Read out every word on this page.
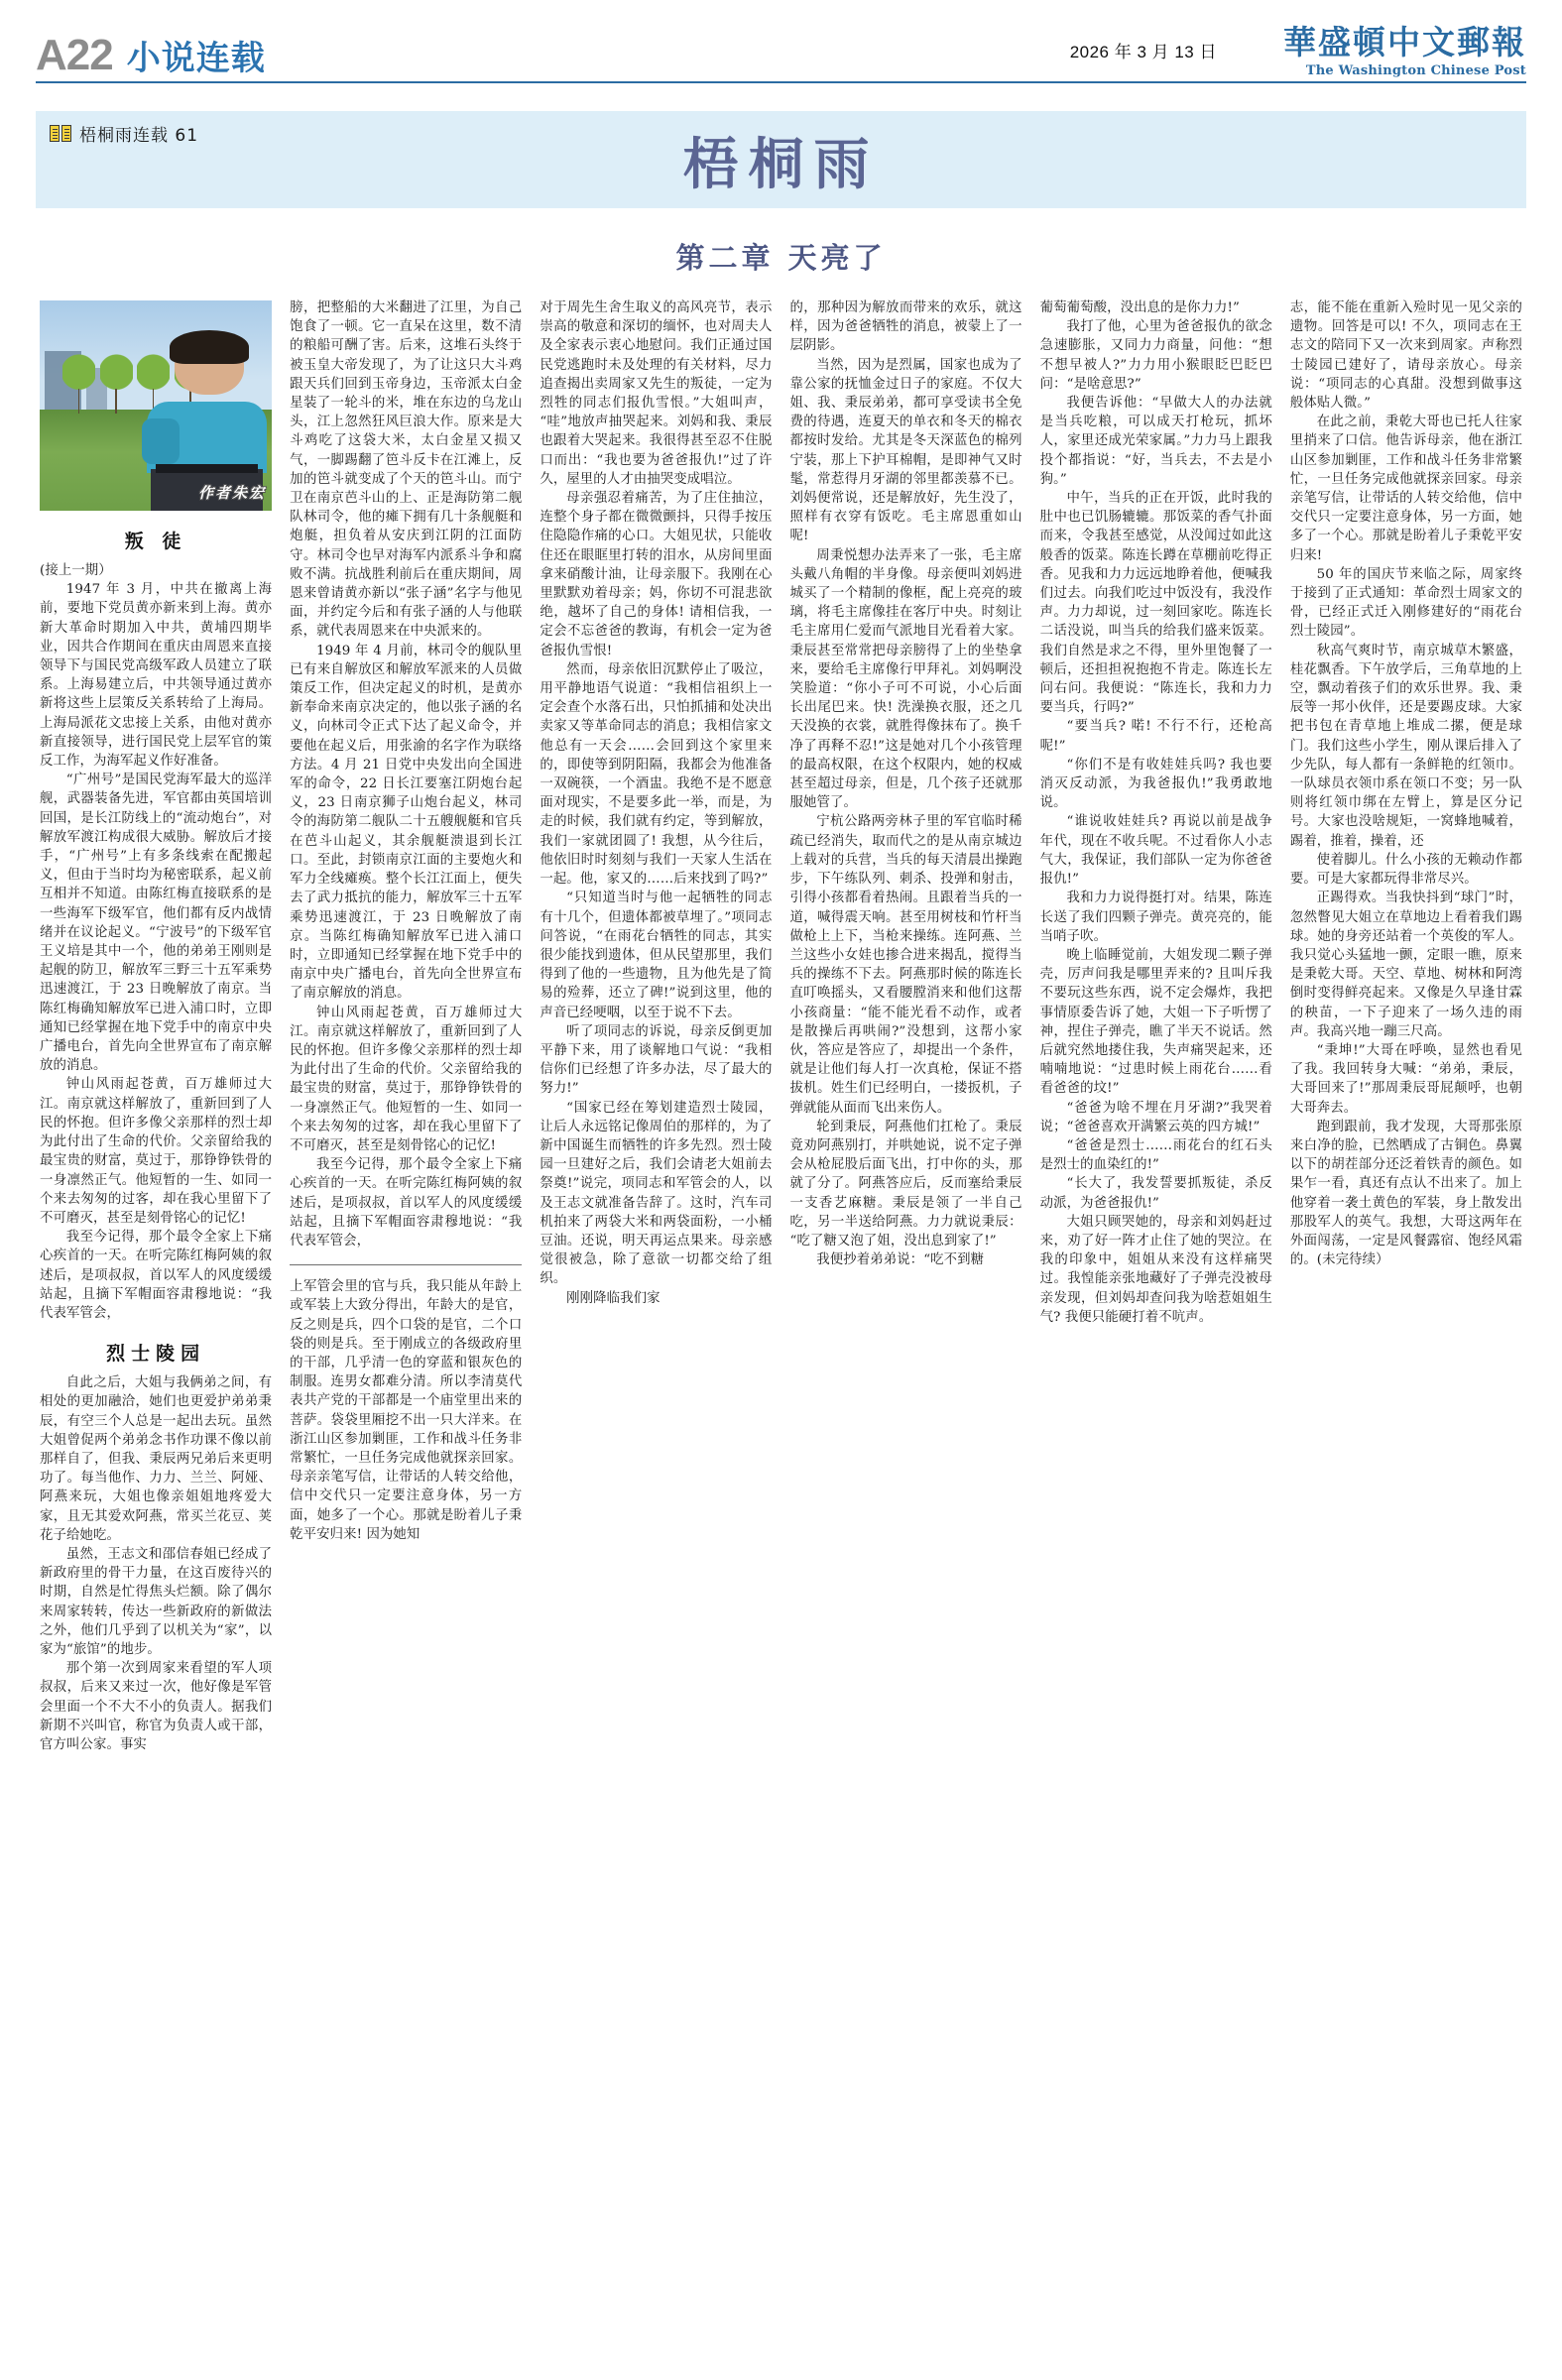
A22 小说连载	2026 年 3 月 13 日	華盛頓中文郵報
The Washington Chinese Post
梧桐雨连载 61	梧桐雨
第二章 天亮了
作者朱宏
叛 徒

(接上一期）

1947 年 3 月，中共在撤离上海前，要地下党员黄亦新来到上海。黄亦新大革命时期加入中共，黄埔四期毕业，因共合作期间在重庆由周恩来直接领导下与国民党高级军政人员建立了联系。上海易建立后，中共领导通过黄亦新将这些上层策反关系转给了上海局。上海局派花文忠接上关系，由他对黄亦新直接领导，进行国民党上层军官的策反工作，为海军起义作好准备。

“广州号”是国民党海军最大的巡洋舰，武器装备先进，军官都由英国培训回国，是长江防线上的“流动炮台”，对解放军渡江构成很大威胁。解放后才接手，“广州号”上有多条线索在配搬起义，但由于当时均为秘密联系，起义前互相并不知道。由陈红梅直接联系的是一些海军下级军官，他们都有反内战情绪并在议论起义。“宁波号”的下级军官王义培是其中一个，他的弟弟王刚则是起舰的防卫，解放军三野三十五军乘势迅速渡江，于 23 日晚解放了南京。当陈红梅确知解放军已进入浦口时，立即通知已经掌握在地下党手中的南京中央广播电台，首先向全世界宣布了南京解放的消息。

钟山风雨起苍黄，百万雄师过大江。南京就这样解放了，重新回到了人民的怀抱。但许多像父亲那样的烈士却为此付出了生命的代价。父亲留给我的最宝贵的财富，莫过于，那铮铮铁骨的一身凛然正气。他短暂的一生、如同一个来去匆匆的过客，却在我心里留下了不可磨灭，甚至是刻骨铭心的记忆!

我至今记得，那个最令全家上下痛心疾首的一天。在听完陈红梅阿姨的叙述后，是项叔叔，首以军人的风度缓缓站起，且摘下军帽面容肃穆地说：“我代表军管会，

烈士陵园

自此之后，大姐与我俩弟之间，有相处的更加融洽，她们也更爱护弟弟秉辰，有空三个人总是一起出去玩。虽然大姐曾促两个弟弟念书作功课不像以前那样自了，但我、秉辰两兄弟后来更明功了。每当他作、力力、兰兰、阿娅、阿燕来玩，大姐也像亲姐姐地疼爱大家，且无其爱欢阿燕，常买兰花豆、荚花子给她吃。

虽然，王志文和邵信春姐已经成了新政府里的骨干力量，在这百废待兴的时期，自然是忙得焦头烂额。除了偶尔来周家转转，传达一些新政府的新做法之外，他们几乎到了以机关为“家”，以家为“旅馆”的地步。

那个第一次到周家来看望的军人项叔叔，后来又来过一次，他好像是军管会里面一个不大不小的负责人。据我们新期不兴叫官，称官为负责人或干部，官方叫公家。事实

膀，把整船的大米翻进了江里，为自己饱食了一顿。它一直呆在这里，数不清的粮船可酬了害。后来，这堆石头终于被玉皇大帝发现了，为了让这只大斗鸡跟天兵们回到玉帝身边，玉帝派太白金星装了一轮斗的米，堆在东边的乌龙山头，江上忽然狂风巨浪大作。原来是大斗鸡吃了这袋大米，太白金星又损又气，一脚踢翻了笆斗反卡在江滩上，反加的笆斗就变成了个天的笆斗山。而宁卫在南京芭斗山的上、正是海防第二舰队林司令，他的瘫下拥有几十条舰艇和炮艇，担负着从安庆到江阴的江面防守。林司令也早对海军内派系斗争和腐败不满。抗战胜利前后在重庆期间，周恩来曾请黄亦新以“张子涵”名字与他见面，并约定今后和有张子涵的人与他联系，就代表周恩来在中央派来的。

1949 年 4 月前，林司令的舰队里已有来自解放区和解放军派来的人员做策反工作，但决定起义的时机，是黄亦新奉命来南京决定的，他以张子涵的名义，向林司令正式下达了起义命令，并要他在起义后，用张渝的名字作为联络方法。4 月 21 日党中央发出向全国进军的命令，22 日长江要塞江阴炮台起义，23 日南京狮子山炮台起义，林司令的海防第二舰队二十五艘舰艇和官兵在芭斗山起义，其余舰艇溃退到长江口。至此，封锁南京江面的主要炮火和军力全线瘫痪。整个长江江面上，便失去了武力抵抗的能力，解放军三十五军乘势迅速渡江，于 23 日晚解放了南京。当陈红梅确知解放军已进入浦口时，立即通知已经掌握在地下党手中的南京中央广播电台，首先向全世界宣布了南京解放的消息。

钟山风雨起苍黄，百万雄师过大江。南京就这样解放了，重新回到了人民的怀抱。但许多像父亲那样的烈士却为此付出了生命的代价。父亲留给我的最宝贵的财富，莫过于，那铮铮铁骨的一身凛然正气。他短暂的一生、如同一个来去匆匆的过客，却在我心里留下了不可磨灭，甚至是刻骨铭心的记忆!

我至今记得，那个最令全家上下痛心疾首的一天。在听完陈红梅阿姨的叙述后，是项叔叔，首以军人的风度缓缓站起，且摘下军帽面容肃穆地说：“我代表军管会，

上军管会里的官与兵，我只能从年龄上或军装上大致分得出，年龄大的是官，反之则是兵，四个口袋的是官，二个口袋的则是兵。至于刚成立的各级政府里的干部，几乎清一色的穿蓝和银灰色的制服。连男女都难分清。所以李清莫代表共产党的干部都是一个庙堂里出来的菩萨。袋袋里厢挖不出一只大洋来。在浙江山区参加剿匪，工作和战斗任务非常繁忙，一旦任务完成他就探亲回家。母亲亲笔写信，让带话的人转交给他，信中交代只一定要注意身体，另一方面，她多了一个心。那就是盼着儿子秉乾平安归来! 因为她知

对于周先生舍生取义的高风亮节，表示崇高的敬意和深切的缅怀，也对周夫人及全家表示衷心地慰问。我们正通过国民党逃跑时未及处理的有关材料，尽力追查揭出卖周家又先生的叛徒，一定为烈牲的同志们报仇雪恨。”大姐叫声，“哇”地放声抽哭起来。刘妈和我、秉辰也跟着大哭起来。我很得甚至忍不住脱口而出：“我也要为爸爸报仇!”过了许久，屋里的人才由抽哭变成唱泣。

母亲强忍着痛苦，为了庄住抽泣，连整个身子都在微微颤抖，只得手按压住隐隐作痛的心口。大姐见状，只能收住还在眼眶里打转的泪水，从房间里面拿来硝酸计油，让母亲服下。我刚在心里默默劝着母亲；妈，你切不可混悲欲绝，越坏了自己的身体! 请相信我，一定会不忘爸爸的教诲，有机会一定为爸爸报仇雪恨!

然而，母亲依旧沉默停止了吸泣，用平静地语气说道：“我相信祖织上一定会查个水落石出，只怕抓捕和处决出卖家又等革命同志的消息；我相信家文他总有一天会……会回到这个家里来的，即使等到阴阳隔，我都会为他准备一双碗筷，一个酒盅。我绝不是不愿意面对现实，不是要多此一举，而是，为走的时候，我们就有约定，等到解放，我们一家就团圆了! 我想，从今往后，他依旧时时刻刻与我们一天家人生活在一起。他，家又的……后来找到了吗?”

“只知道当时与他一起牺牲的同志有十几个，但遗体都被草埋了。”项同志问答说，“在雨花台牺牲的同志，其实很少能找到遗体，但从民望那里，我们得到了他的一些遗物，且为他先是了简易的殓葬，还立了碑!”说到这里，他的声音已经哽咽，以至于说不下去。

听了项同志的诉说，母亲反倒更加平静下来，用了谈解地口气说：“我相信你们已经想了许多办法，尽了最大的努力!”

“国家已经在筹划建造烈士陵园，让后人永远铭记像周伯的那样的，为了新中国诞生而牺牲的许多先烈。烈士陵园一旦建好之后，我们会请老大姐前去祭奠!”说完，项同志和军管会的人，以及王志文就准备告辞了。这时，汽车司机拍来了两袋大米和两袋面粉，一小桶豆油。还说，明天再运点果来。母亲感觉很被急，除了意欲一切都交给了组织。

刚刚降临我们家

的，那种因为解放而带来的欢乐，就这样，因为爸爸牺牲的消息，被蒙上了一层阴影。

当然，因为是烈属，国家也成为了靠公家的抚恤金过日子的家庭。不仅大姐、我、秉辰弟弟，都可享受读书全免费的待遇，连夏天的单衣和冬天的棉衣都按时发给。尤其是冬天深蓝色的棉列宁装，那上下护耳棉帽，是即神气又时髦，常惹得月牙湖的邻里都羡慕不已。刘妈便常说，还是解放好，先生没了，照样有衣穿有饭吃。毛主席恩重如山呢!

周秉悦想办法弄来了一张，毛主席头戴八角帽的半身像。母亲便叫刘妈进城买了一个精制的像框，配上亮亮的玻璃，将毛主席像挂在客厅中央。时刻让毛主席用仁爱而气派地目光看着大家。秉辰甚至常常把母亲膀得了上的坐垫拿来，要给毛主席像行甲拜礼。刘妈啊没笑脸道：“你小子可不可说，小心后面长出尾巴来。快! 洗澡换衣服，还之几天没换的衣裳，就胜得像抹布了。换千净了再释不忍!”这是她对几个小孩管理的最高权限，在这个权限内，她的权威甚至超过母亲，但是，几个孩子还就那服她管了。

宁杭公路两旁林子里的军官临时稀疏已经消失，取而代之的是从南京城边上载对的兵营，当兵的每天清晨出操跑步，下午练队列、刺杀、投弹和射击，引得小孩都看着热闹。且跟着当兵的一道，喊得震天响。甚至用树枝和竹杆当做枪上上下，当枪来操练。连阿燕、兰兰这些小女娃也掺合进来揭乱，搅得当兵的操练不下去。阿燕那时候的陈连长直叮唤摇头，又看腰膛消来和他们这帮小孩商量：“能不能光看不动作，或者是散操后再哄闹?”没想到，这帮小家伙，答应是答应了，却提出一个条件，就是让他们每人打一次真枪，保证不搭拔机。姓生们已经明白，一搂扳机，子弹就能从面而飞出来伤人。

轮到秉辰，阿燕他们扛枪了。秉辰竟劝阿燕别打，并哄她说，说不定子弹会从枪屁股后面飞出，打中你的头，那就了分了。阿燕答应后，反而塞给秉辰一支香艺麻糖。秉辰是领了一半自己吃，另一半送给阿燕。力力就说秉辰：“吃了糖又泡了姐，没出息到家了!”

我便抄着弟弟说：“吃不到糖

葡萄葡萄酸，没出息的是你力力!”

我打了他，心里为爸爸报仇的欲念急速膨胀，又同力力商量，问他：“想不想早被人?”力力用小猴眼眨巴眨巴问：“是啥意思?”

我便告诉他：“早做大人的办法就是当兵吃粮，可以成天打枪玩，抓坏人，家里还成光荣家属。”力力马上跟我投个都指说：“好，当兵去，不去是小狗。”

中午，当兵的正在开饭，此时我的肚中也已饥肠辘辘。那饭菜的香气扑面而来，令我甚至感觉，从没闻过如此这般香的饭菜。陈连长蹲在草棚前吃得正香。见我和力力远远地睁着他，便喊我们过去。向我们吃过中饭没有，我没作声。力力却说，过一刻回家吃。陈连长二话没说，叫当兵的给我们盛来饭菜。我们自然是求之不得，里外里饱餐了一顿后，还担担祝抱抱不肯走。陈连长左问右问。我便说：“陈连长，我和力力要当兵，行吗?”

“要当兵? 喏! 不行不行，还枪高呢!”

“你们不是有收娃娃兵吗? 我也要消灭反动派，为我爸报仇!”我勇敢地说。

“谁说收娃娃兵? 再说以前是战争年代，现在不收兵呢。不过看你人小志气大，我保证，我们部队一定为你爸爸报仇!”

我和力力说得挺打对。结果，陈连长送了我们四颗子弹壳。黄亮亮的，能当哨子吹。

晚上临睡觉前，大姐发现二颗子弹壳，厉声问我是哪里弄来的? 且叫斥我不要玩这些东西，说不定会爆炸，我把事情原委告诉了她，大姐一下子听愣了神，捏住子弹壳，瞧了半天不说话。然后就究然地搂住我，失声痛哭起来，还喃喃地说：“过患时候上雨花台……看看爸爸的坟!”

“爸爸为啥不埋在月牙湖?”我哭着说；“爸爸喜欢开满繁云英的四方城!”

“爸爸是烈士……雨花台的红石头是烈士的血染红的!”

“长大了，我发誓要抓叛徒，杀反动派，为爸爸报仇!”

大姐只顾哭她的，母亲和刘妈赶过来，劝了好一阵才止住了她的哭泣。在我的印象中，姐姐从来没有这样痛哭过。我惶能亲张地藏好了子弹壳没被母亲发现，但刘妈却查问我为啥惹姐姐生气? 我便只能硬打着不吭声。

志，能不能在重新入殓时见一见父亲的遗物。回答是可以! 不久，项同志在王志文的陪同下又一次来到周家。声称烈士陵园已建好了，请母亲放心。母亲说：“项同志的心真甜。没想到做事这般体贴人微。”

在此之前，秉乾大哥也已托人往家里捎来了口信。他告诉母亲，他在浙江山区参加剿匪，工作和战斗任务非常繁忙，一旦任务完成他就探亲回家。母亲亲笔写信，让带话的人转交给他，信中交代只一定要注意身体，另一方面，她多了一个心。那就是盼着儿子秉乾平安归来!

50 年的国庆节来临之际，周家终于接到了正式通知：革命烈士周家文的骨，已经正式迁入刚修建好的“雨花台烈士陵园”。

秋高气爽时节，南京城草木繁盛，桂花飘香。下午放学后，三角草地的上空，飘动着孩子们的欢乐世界。我、秉辰等一邦小伙伴，还是要踢皮球。大家把书包在青草地上堆成二摞，便是球门。我们这些小学生，刚从课后排入了少先队，每人都有一条鲜艳的红领巾。一队球员衣领巾系在领口不变；另一队则将红领巾绑在左臂上，算是区分记号。大家也没啥规矩，一窝蜂地喊着，踢着，推着，操着，还

使着脚儿。什么小孩的无赖动作都要。可是大家都玩得非常尽兴。

正踢得欢。当我快抖到“球门”时，忽然瞥见大姐立在草地边上看着我们踢球。她的身旁还站着一个英俊的军人。我只觉心头猛地一颤，定眼一瞧，原来是秉乾大哥。天空、草地、树林和阿湾倒时变得鲜亮起来。又像是久早逢甘霖的秧苗，一下子迎来了一场久违的雨声。我高兴地一蹦三尺高。

“秉坤!”大哥在呼唤，显然也看见了我。我回转身大喊：“弟弟，秉辰，大哥回来了!”那周秉辰哥屁颠呼，也朝大哥奔去。

跑到跟前，我才发现，大哥那张原来白净的脸，已然晒成了古铜色。鼻翼以下的胡茬部分还泛着铁青的颜色。如果乍一看，真还有点认不出来了。加上他穿着一袭土黄色的军装，身上散发出那股军人的英气。我想，大哥这两年在外面闯荡，一定是风餐露宿、饱经风霜的。(未完待续）
